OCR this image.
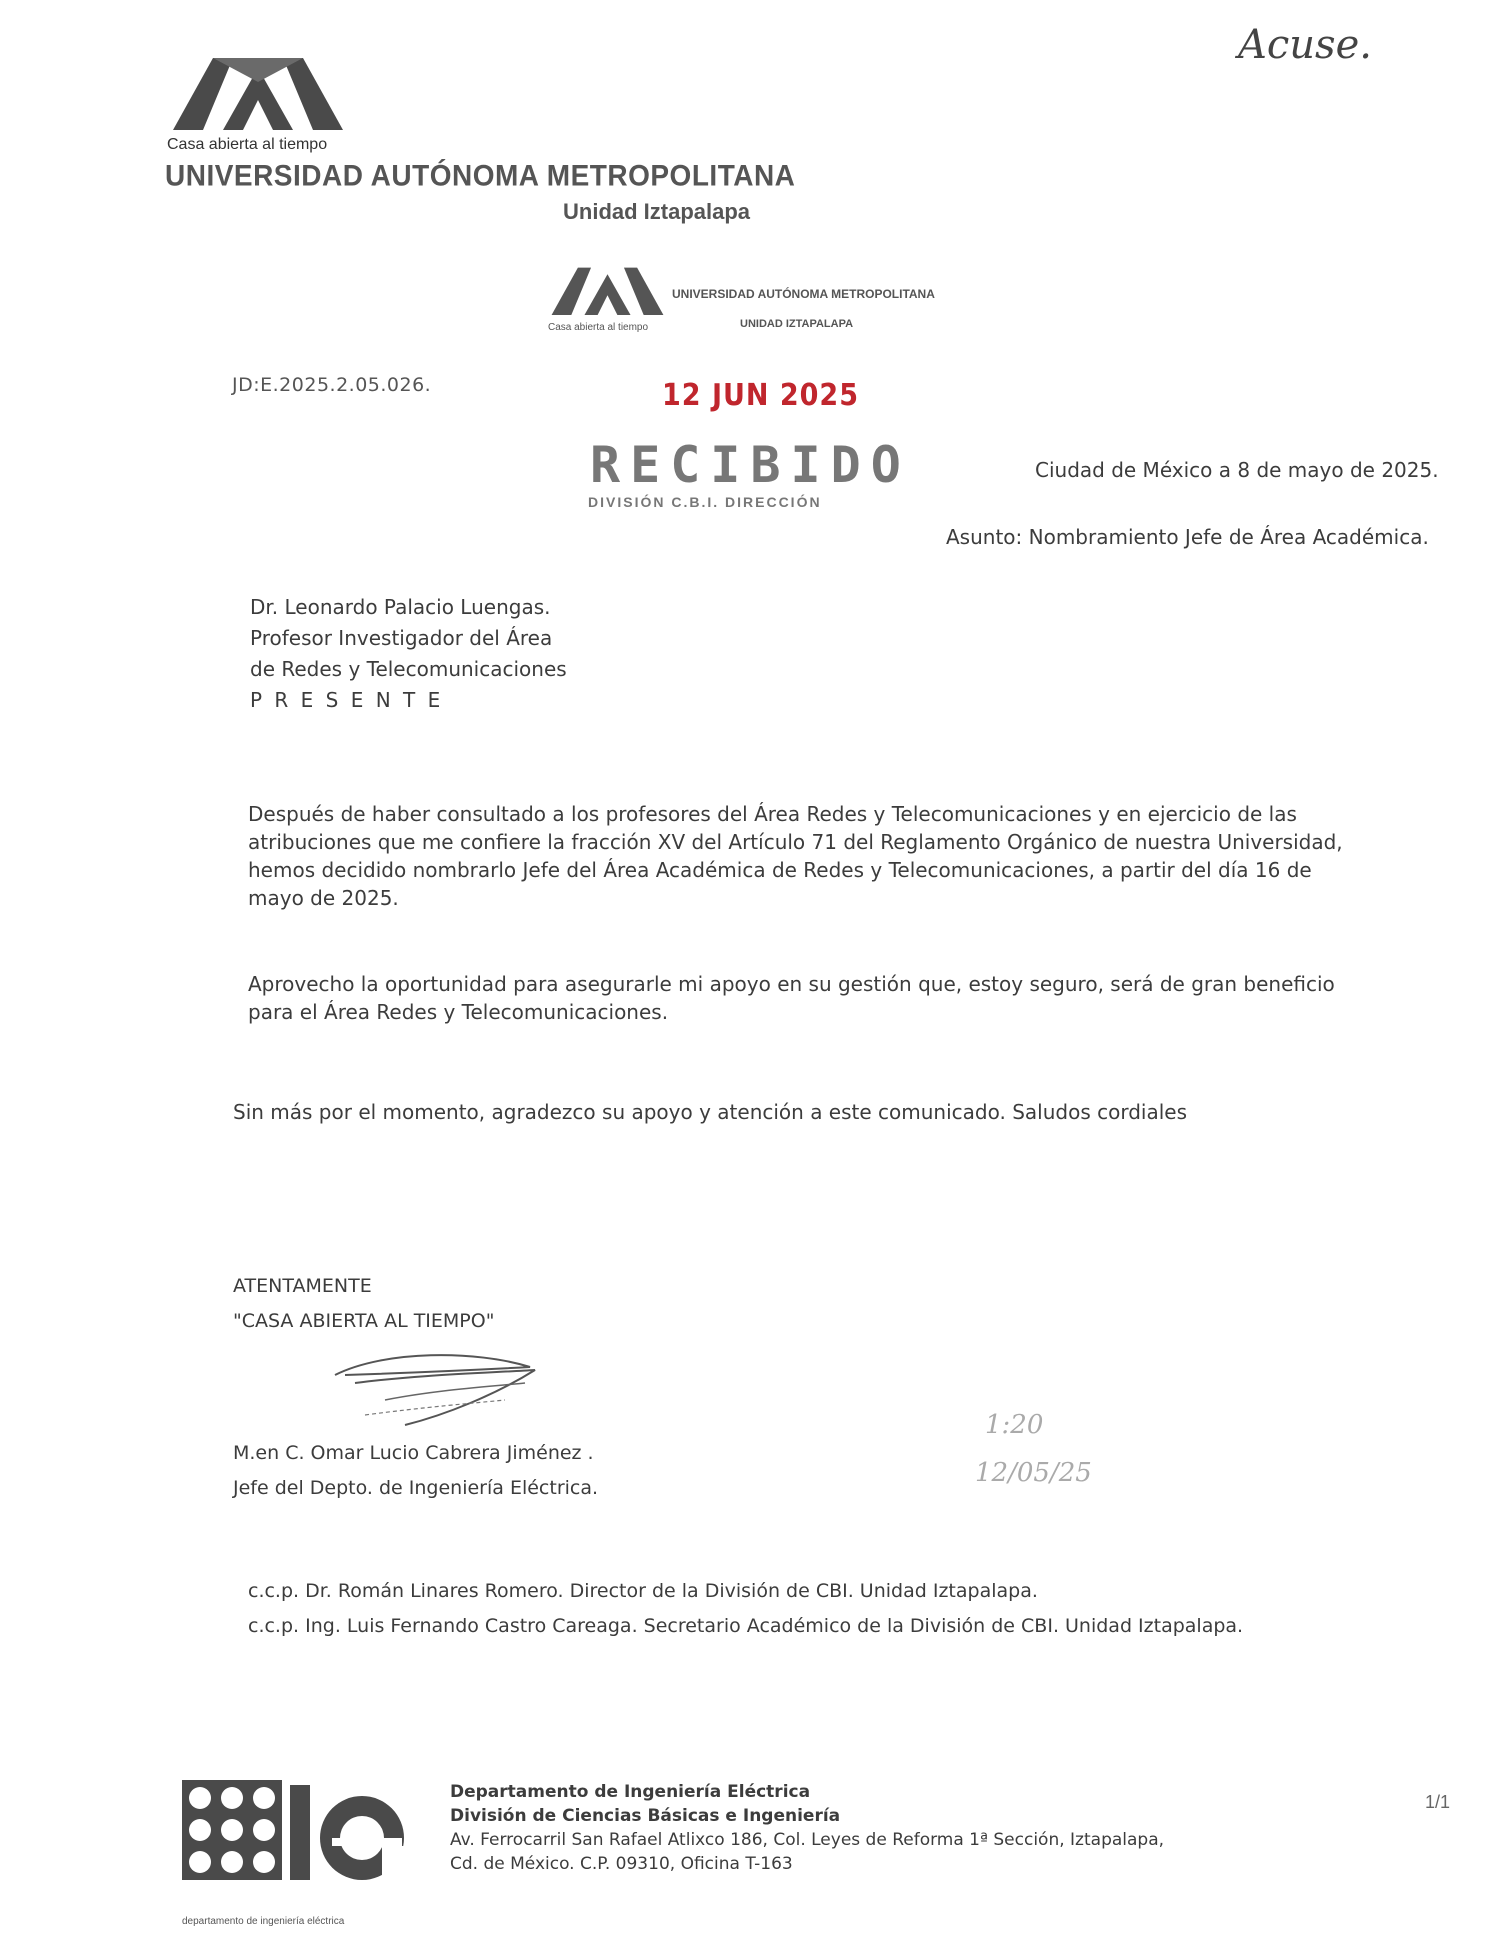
Acuse.
Casa abierta al tiempo
UNIVERSIDAD AUTÓNOMA METROPOLITANA
Unidad Iztapalapa
UNIVERSIDAD AUTÓNOMA METROPOLITANA
UNIDAD IZTAPALAPA
Casa abierta al tiempo
JD:E.2025.2.05.026.	12 JUN 2025
RECIBIDO
DIVISIÓN C.B.I. DIRECCIÓN
Ciudad de México a 8 de mayo de 2025.
Asunto: Nombramiento Jefe de Área Académica.
Dr. Leonardo Palacio Luengas.
Profesor Investigador del Área
de Redes y Telecomunicaciones
P R E S E N T E
Después de haber consultado a los profesores del Área Redes y Telecomunicaciones y en ejercicio de las
atribuciones que me confiere la fracción XV del Artículo 71 del Reglamento Orgánico de nuestra Universidad,
hemos decidido nombrarlo Jefe del Área Académica de Redes y Telecomunicaciones, a partir del día 16 de
mayo de 2025.
Aprovecho la oportunidad para asegurarle mi apoyo en su gestión que, estoy seguro, será de gran beneficio
para el Área Redes y Telecomunicaciones.
Sin más por el momento, agradezco su apoyo y atención a este comunicado. Saludos cordiales
ATENTAMENTE
"CASA ABIERTA AL TIEMPO"
M.en C. Omar Lucio Cabrera Jiménez .
Jefe del Depto. de Ingeniería Eléctrica.
1:20
12/05/25
c.c.p. Dr. Román Linares Romero. Director de la División de CBI. Unidad Iztapalapa.
c.c.p. Ing. Luis Fernando Castro Careaga. Secretario Académico de la División de CBI. Unidad Iztapalapa.
departamento de ingeniería eléctrica
Departamento de Ingeniería Eléctrica
División de Ciencias Básicas e Ingeniería
Av. Ferrocarril San Rafael Atlixco 186, Col. Leyes de Reforma 1ª Sección, Iztapalapa,
Cd. de México. C.P. 09310, Oficina T-163
1/1
